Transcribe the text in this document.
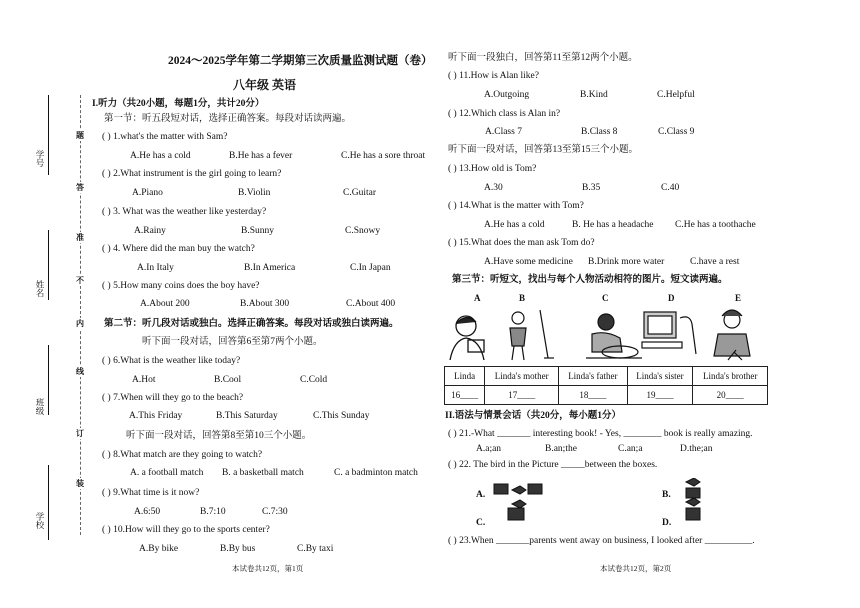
学号
姓名
班级
学校
题
答
准
不
内
线
订
装
2024～2025学年第二学期第三次质量监测试题（卷）
八年级 英语
I.听力（共20小题，每题1分，共计20分）
第一节：听五段短对话，选择正确答案。每段对话读两遍。
( ) 1.what's the matter with Sam?
A.He has a cold	B.He has a fever	C.He has a sore throat
( ) 2.What instrument is the girl going to learn?
A.Piano	B.Violin	C.Guitar
( ) 3. What was the weather like yesterday?
A.Rainy	B.Sunny	C.Snowy
( ) 4. Where did the man buy the watch?
A.In Italy	B.In America	C.In Japan
( ) 5.How many coins does the boy have?
A.About 200	B.About 300	C.About 400
第二节：听几段对话或独白。选择正确答案。每段对话或独白读两遍。
听下面一段对话，回答第6至第7两个小题。
( ) 6.What is the weather like today?
A.Hot	B.Cool	C.Cold
( ) 7.When will they go to the beach?
A.This Friday	B.This Saturday	C.This Sunday
听下面一段对话，回答第8至第10三个小题。
( ) 8.What match are they going to watch?
A. a football match B. a basketball match	C. a badminton match
( ) 9.What time is it now?
A.6:50	B.7:10	C.7:30
( ) 10.How will they go to the sports center?
A.By bike	B.By bus	C.By taxi
本试卷共12页，第1页
听下面一段独白，回答第11至第12两个小题。
( ) 11.How is Alan like?
A.Outgoing	B.Kind	C.Helpful
( ) 12.Which class is Alan in?
A.Class 7	B.Class 8	C.Class 9
听下面一段对话，回答第13至第15三个小题。
( ) 13.How old is Tom?
A.30	B.35	C.40
( ) 14.What is the matter with Tom?
A.He has a cold	B. He has a headache C.He has a toothache
( ) 15.What does the man ask Tom do?
A.Have some medicine B.Drink more water	C.have a rest
第三节：听短文，找出与每个人物活动相符的图片。短文读两遍。
A	B	C	D	E
Linda	Linda's mother	Linda's father	Linda's sister	Linda's brother
16____	17____	18____	19____	20____
II.语法与情景会话（共20分，每小题1分）
( ) 21.-What _______ interesting book! - Yes, ________ book is really amazing.
A.a;an	B.an;the	C.an;a	D.the;an
( ) 22. The bird in the Picture _____between the boxes.
A.	B.
C.	D.
( ) 23.When _______parents went away on business, I looked after __________.
本试卷共12页，第2页
